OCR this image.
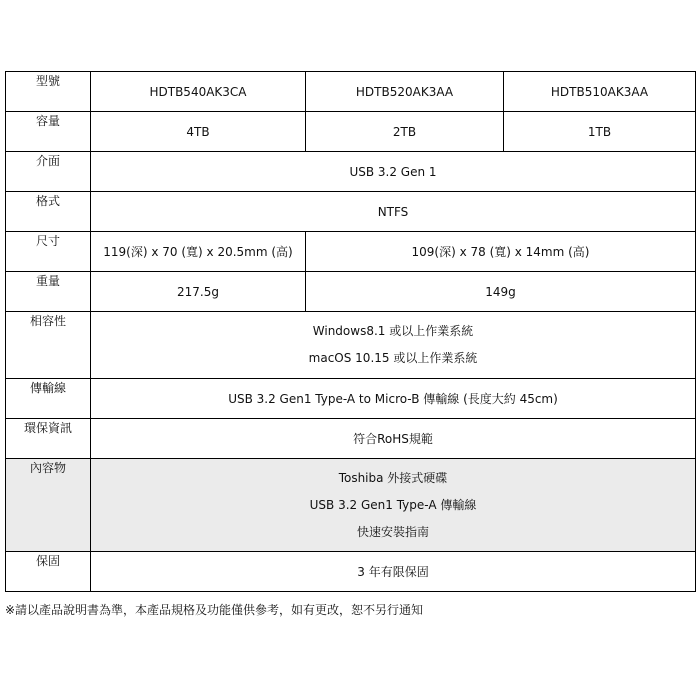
型號	HDTB540AK3CA	HDTB520AK3AA	HDTB510AK3AA
容量	4TB	2TB	1TB
介面	USB 3.2 Gen 1		
格式	NTFS		
尺寸	119(深) x 70 (寬) x 20.5mm (高)	109(深) x 78 (寬) x 14mm (高)	
重量	217.5g	149g	
相容性	Windows8.1 或以上作業系統
macOS 10.15 或以上作業系統		

傳輸線	USB 3.2 Gen1 Type-A to Micro-B 傳輸線 (長度大約 45cm)		
環保資訊	符合RoHS規範		
內容物	Toshiba 外接式硬碟
USB 3.2 Gen1 Type-A 傳輸線
快速安裝指南		

保固	3 年有限保固		
※請以產品說明書為準，本產品規格及功能僅供參考，如有更改，恕不另行通知
